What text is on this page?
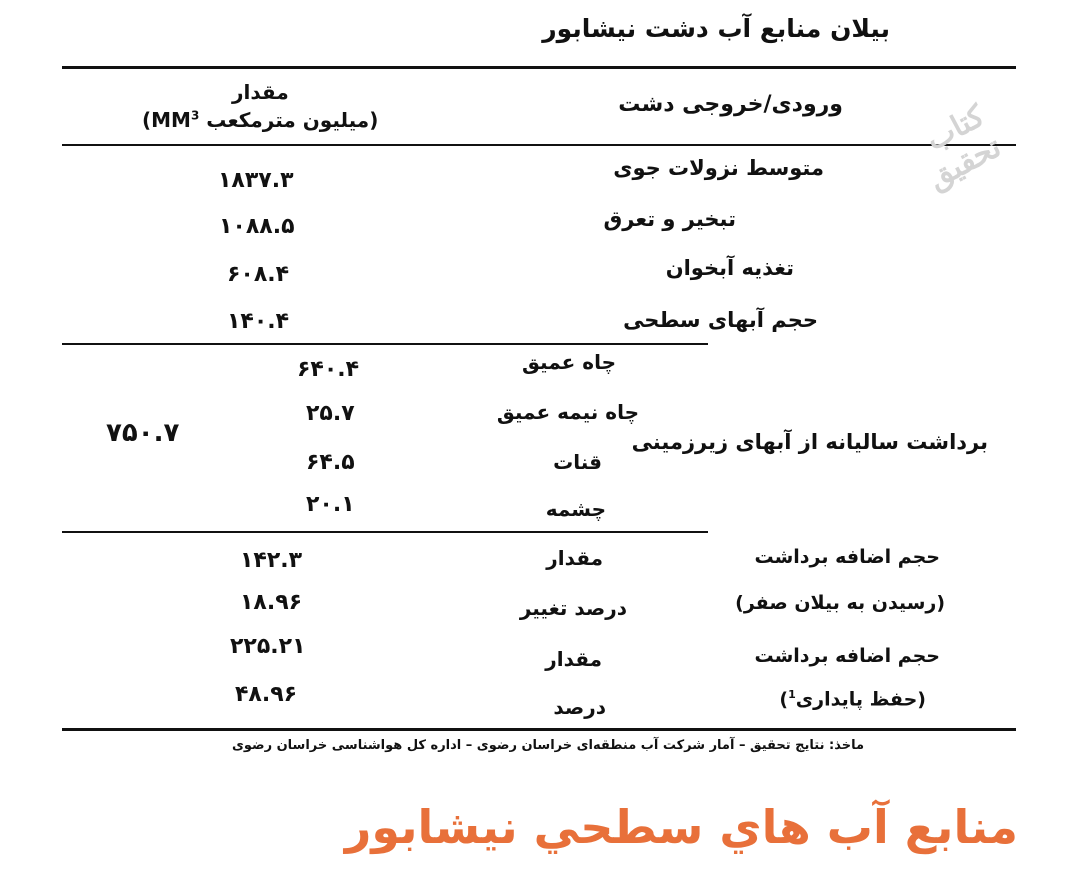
بیلان منابع آب دشت نیشابور
ورودی/خروجی دشت
مقدار
($MM^3$ میلیون مترمکعب)	کتاب تحقیق
متوسط نزولات جوی
۱۸۳۷.۳
تبخیر و تعرق
۱۰۸۸.۵
تغذیه آبخوان
۶۰۸.۴
حجم آبهای سطحی
۱۴۰.۴
برداشت سالیانه از آبهای زیرزمینی
۷۵۰.۷
چاه عمیق
۶۴۰.۴
چاه نیمه عمیق
۲۵.۷
قنات
۶۴.۵
چشمه
۲۰.۱
حجم اضافه برداشت
(رسیدن به بیلان صفر)
مقدار
۱۴۲.۳
درصد تغییر
۱۸.۹۶
حجم اضافه برداشت
(حفظ پایداری$^1$)
مقدار
۲۲۵.۲۱
درصد
۴۸.۹۶
ماخذ: نتایج تحقیق – آمار شرکت آب منطقه‌ای خراسان رضوی – اداره کل هواشناسی خراسان رضوی
منابع آب هاي سطحي نيشابور
